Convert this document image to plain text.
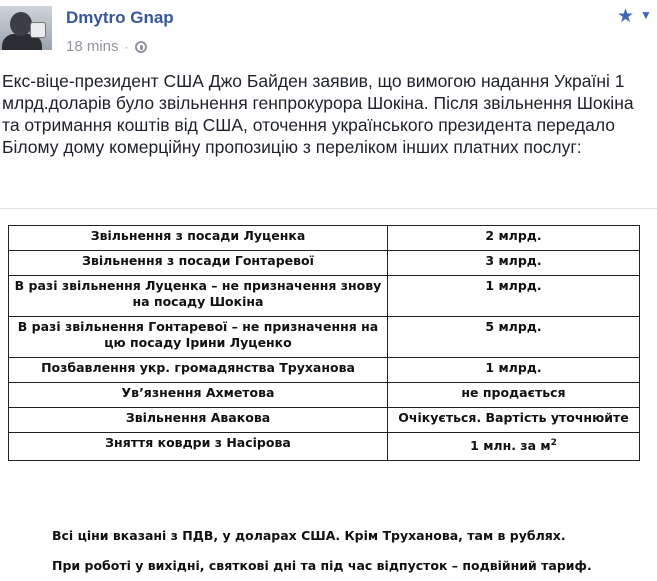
Dmytro Gnap
18 mins ·
★ ▼
Екс-віце-президент США Джо Байден заявив, що вимогою надання Україні 1 млрд.доларів було звільнення генпрокурора Шокіна. Після звільнення Шокіна та отримання коштів від США, оточення українського президента передало Білому дому комерційну пропозицію з переліком інших платних послуг:
Звільнення з посади Луценка	2 млрд.
Звільнення з посади Гонтаревої	3 млрд.
В разі звільнення Луценка – не призначення знову на посаду Шокіна	1 млрд.
В разі звільнення Гонтаревої – не призначення на цю посаду Ірини Луценко	5 млрд.
Позбавлення укр. громадянства Труханова	1 млрд.
Ув’язнення Ахметова	не продається
Звільнення Авакова	Очікується. Вартість уточнюйте
Зняття ковдри з Насірова	1 млн. за $м^2$
Всі ціни вказані з ПДВ, у доларах США. Крім Труханова, там в рублях.
При роботі у вихідні, святкові дні та під час відпусток – подвійний тариф.
